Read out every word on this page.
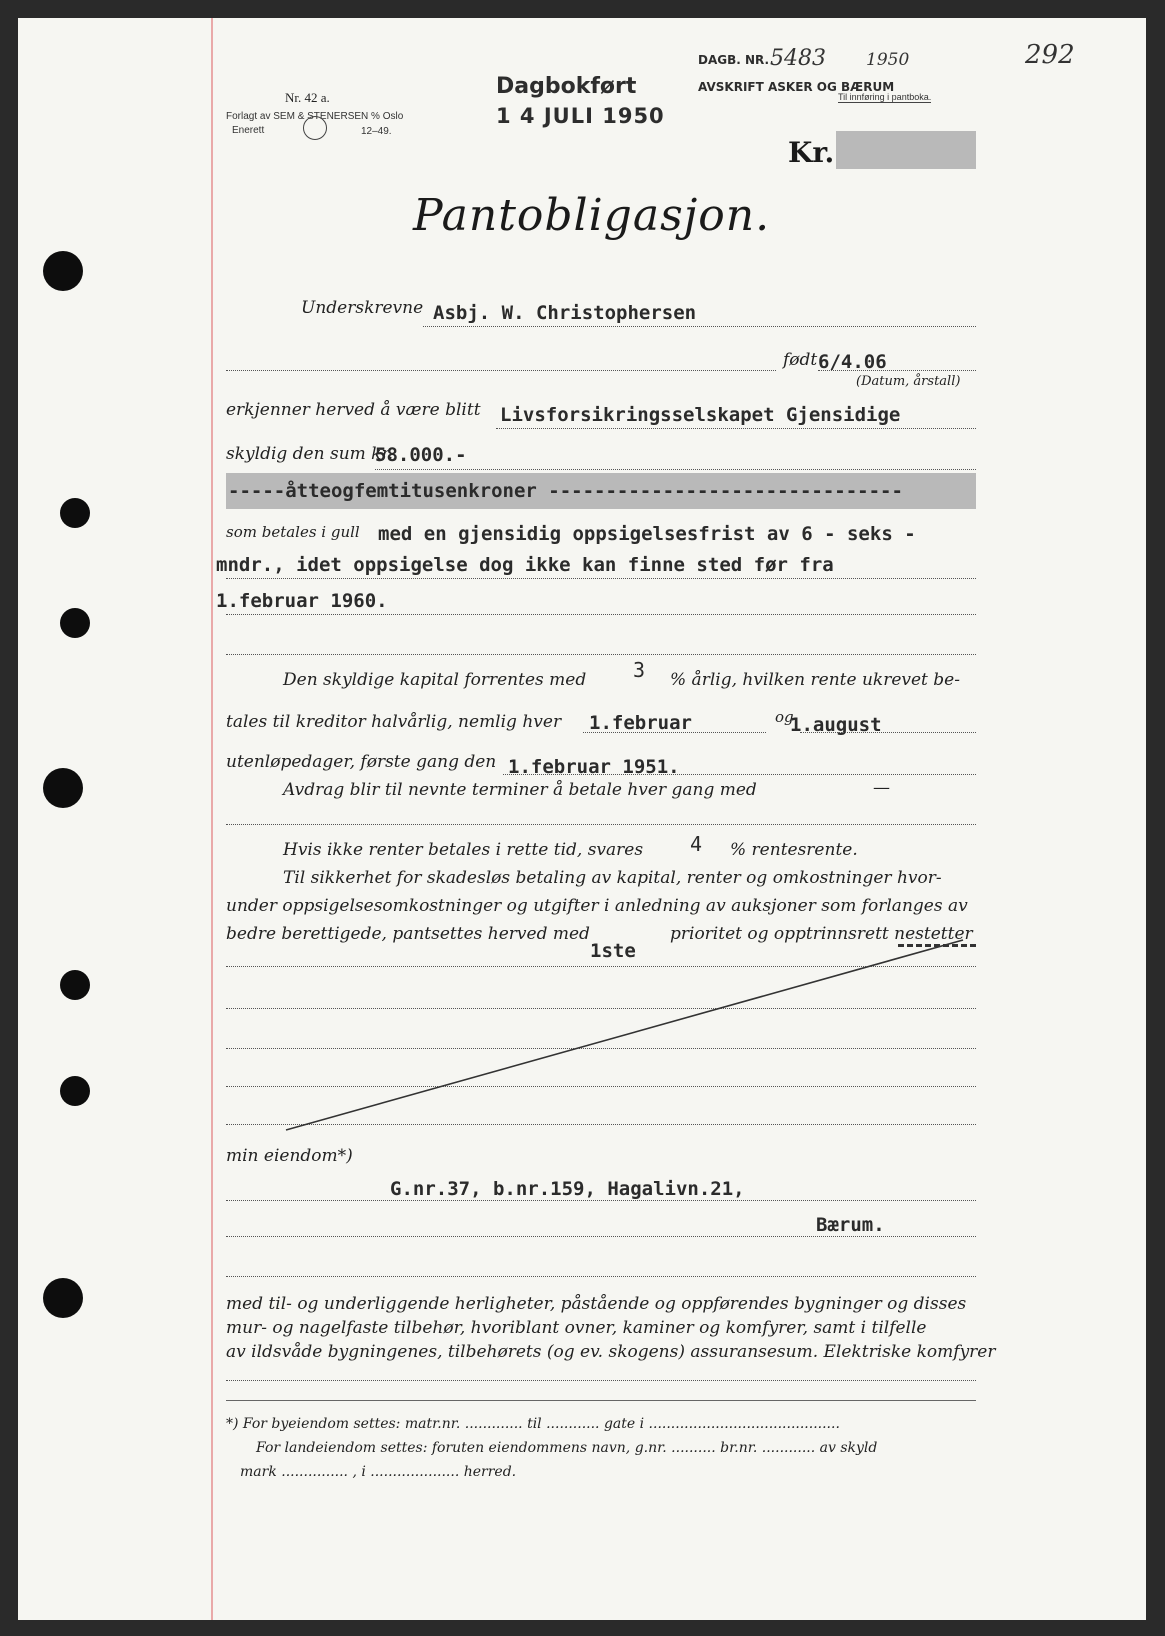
Nr. 42 a.
Forlagt av SEM & STENERSEN % Oslo
Enerett	12–49.
Dagbokført
1 4 JULI 1950
DAGB. NR. 5483 1950
AVSKRIFT ASKER OG BÆRUM
Til innføring i pantboka.
292
Kr.
Pantobligasjon.
Underskrevne Asbj. W. Christophersen
født 6/4.06
(Datum, årstall)
erkjenner herved å være blitt Livsforsikringsselskapet Gjensidige
skyldig den sum kr.
58.000.-
-----åtteogfemtitusenkroner -------------------------------
som betales i gull med en gjensidig oppsigelsesfrist av 6 - seks -
mndr., idet oppsigelse dog ikke kan finne sted før fra
1.februar 1960.
Den skyldige kapital forrentes med 3 % årlig, hvilken rente ukrevet be-
tales til kreditor halvårlig, nemlig hver 1.februar	og
1.august
utenløpedager, første gang den 1.februar 1951.
Avdrag blir til nevnte terminer å betale hver gang med	—
Hvis ikke renter betales i rette tid, svares 4 % rentesrente.
Til sikkerhet for skadesløs betaling av kapital, renter og omkostninger hvor-
under oppsigelsesomkostninger og utgifter i anledning av auksjoner som forlanges av
bedre berettigede, pantsettes herved med	prioritet og opptrinnsrett nestetter
1ste
min eiendom*)
G.nr.37, b.nr.159, Hagalivn.21,
Bærum.
med til- og underliggende herligheter, påstående og oppførendes bygninger og disses
mur- og nagelfaste tilbehør, hvoriblant ovner, kaminer og komfyrer, samt i tilfelle
av ildsvåde bygningenes, tilbehørets (og ev. skogens) assuransesum. Elektriske komfyrer
*) For byeiendom settes: matr.nr. ............. til ............ gate i ...........................................
For landeiendom settes: foruten eiendommens navn, g.nr. .......... br.nr. ............ av skyld
mark ............... , i .................... herred.
